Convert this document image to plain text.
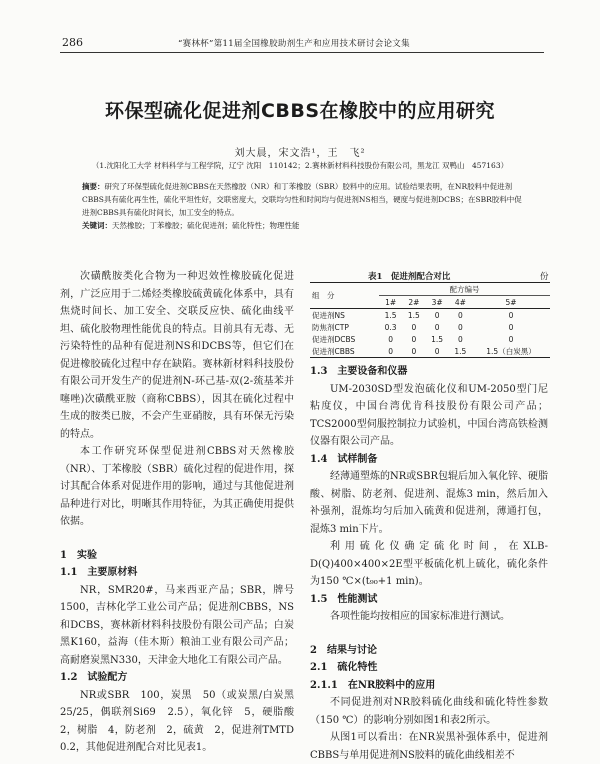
286	“赛林杯”第11届全国橡胶助剂生产和应用技术研讨会论文集
环保型硫化促进剂CBBS在橡胶中的应用研究
刘大晨，宋文浩¹，王　飞²
（1.沈阳化工大学 材料科学与工程学院，辽宁 沈阳　110142；2.赛林新材料科技股份有限公司，黑龙江 双鸭山　457163）
摘要：研究了环保型硫化促进剂CBBS在天然橡胶（NR）和丁苯橡胶（SBR）胶料中的应用。试验结果表明，在NR胶料中促进剂CBBS具有硫化再生性，硫化平坦性好，交联密度大，交联均匀性和时间均与促进剂NS相当，硬度与促进剂DCBS；在SBR胶料中促进剂CBBS具有硫化时间长，加工安全的特点。
关键词：天然橡胶；丁苯橡胶；硫化促进剂；硫化特性；物理性能

次磺酰胺类化合物为一种迟效性橡胶硫化促进剂，广泛应用于二烯烃类橡胶硫黄硫化体系中，具有焦烧时间长、加工安全、交联反应快、硫化曲线平坦、硫化胶物理性能优良的特点。目前具有无毒、无污染特性的品种有促进剂NS和DCBS等，但它们在促进橡胶硫化过程中存在缺陷。赛林新材料科技股份有限公司开发生产的促进剂N-环己基-双(2-巯基苯并噻唑)次磺酰亚胺（商称CBBS），因其在硫化过程中生成的胺类已胺，不会产生亚硝胺，具有环保无污染的特点。

本工作研究环保型促进剂CBBS对天然橡胶（NR）、丁苯橡胶（SBR）硫化过程的促进作用，探讨其配合体系对促进作用的影响，通过与其他促进剂品种进行对比，明晰其作用特征，为其正确使用提供依据。

1　实验
1.1　主要原材料

NR，SMR20#，马来西亚产品；SBR，牌号1500，吉林化学工业公司产品；促进剂CBBS，NS和DCBS，赛林新材料科技股份有限公司产品；白炭黑K160，益海（佳木斯）粮油工业有限公司产品；高耐磨炭黑N330，天津金大地化工有限公司产品。

1.2　试验配方

NR或SBR　100，炭黑　50（或炭黑/白炭黑25/25，偶联剂Si69　2.5），氧化锌　5，硬脂酸　2，树脂　4，防老剂　2，硫黄　2，促进剂TMTD　0.2，其他促进剂配合对比见表1。

表1　促进剂配合对比	份
组　分	配方编号				
	1#	2#	3#	4#	5#
促进剂NS	1.5	1.5	0	0	0
防焦剂CTP	0.3	0	0	0	0
促进剂DCBS	0	0	1.5	0	0
促进剂CBBS	0	0	0	1.5	1.5（白炭黑）
1.3　主要设备和仪器

UM-2030SD型发泡硫化仪和UM-2050型门尼粘度仪，中国台湾优肯科技股份有限公司产品；TCS2000型伺服控制拉力试验机，中国台湾高铁检测仪器有限公司产品。

1.4　试样制备

经薄通塑炼的NR或SBR包辊后加入氧化锌、硬脂酸、树脂、防老剂、促进剂、混炼3 min，然后加入补强剂，混炼均匀后加入硫黄和促进剂，薄通打包，混炼3 min下片。

利用硫化仪确定硫化时间，在XLB-D(Q)400×400×2E型平板硫化机上硫化，硫化条件为150 ℃×(t₉₀+1 min)。

1.5　性能测试

各项性能均按相应的国家标准进行测试。

2　结果与讨论
2.1　硫化特性
2.1.1　在NR胶料中的应用

不同促进剂对NR胶料硫化曲线和硫化特性参数（150 ℃）的影响分别如图1和表2所示。

从图1可以看出：在NR炭黑补强体系中，促进剂CBBS与单用促进剂NS胶料的硫化曲线相差不
